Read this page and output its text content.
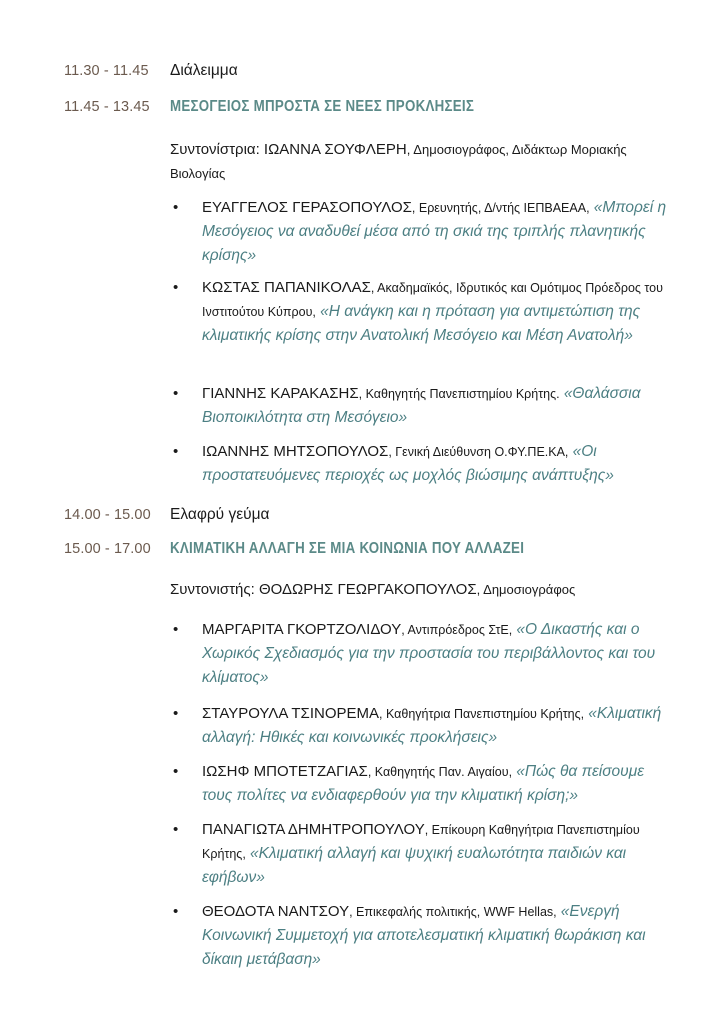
11.30 - 11.45	Διάλειμμα
11.45 - 13.45	ΜΕΣΟΓΕΙΟΣ ΜΠΡΟΣΤΑ ΣΕ ΝΕΕΣ ΠΡΟΚΛΗΣΕΙΣ
Συντονίστρια: ΙΩΑΝΝΑ ΣΟΥΦΛΕΡΗ, Δημοσιογράφος, Διδάκτωρ Μοριακής Βιολογίας
• ΕΥΑΓΓΕΛΟΣ ΓΕΡΑΣΟΠΟΥΛΟΣ, Ερευνητής, Δ/ντής ΙΕΠΒΑΕΑΑ, «Μπορεί η Μεσόγειος να αναδυθεί μέσα από τη σκιά της τριπλής πλανητικής κρίσης»
• ΚΩΣΤΑΣ ΠΑΠΑΝΙΚΟΛΑΣ, Ακαδημαϊκός, Ιδρυτικός και Ομότιμος Πρόεδρος του Ινστιτούτου Κύπρου, «Η ανάγκη και η πρόταση για αντιμετώπιση της κλιματικής κρίσης στην Ανατολική Μεσόγειο και Μέση Ανατολή»
• ΓΙΑΝΝΗΣ ΚΑΡΑΚΑΣΗΣ, Καθηγητής Πανεπιστημίου Κρήτης. «Θαλάσσια Βιοποικιλότητα στη Μεσόγειο»
• ΙΩΑΝΝΗΣ ΜΗΤΣΟΠΟΥΛΟΣ, Γενική Διεύθυνση Ο.ΦΥ.ΠΕ.ΚΑ, «Οι προστατευόμενες περιοχές ως μοχλός βιώσιμης ανάπτυξης»
14.00 - 15.00	Ελαφρύ γεύμα
15.00 - 17.00	ΚΛΙΜΑΤΙΚΗ ΑΛΛΑΓΗ ΣΕ ΜΙΑ ΚΟΙΝΩΝΙΑ ΠΟΥ ΑΛΛΑΖΕΙ
Συντονιστής: ΘΟΔΩΡΗΣ ΓΕΩΡΓΑΚΟΠΟΥΛΟΣ, Δημοσιογράφος
• ΜΑΡΓΑΡΙΤΑ ΓΚΟΡΤΖΟΛΙΔΟΥ, Αντιπρόεδρος ΣτΕ, «Ο Δικαστής και ο Χωρικός Σχεδιασμός για την προστασία του περιβάλλοντος και του κλίματος»
• ΣΤΑΥΡΟΥΛΑ ΤΣΙΝΟΡΕΜΑ, Καθηγήτρια Πανεπιστημίου Κρήτης, «Κλιματική αλλαγή: Ηθικές και κοινωνικές προκλήσεις»
• ΙΩΣΗΦ ΜΠΟΤΕΤΖΑΓΙΑΣ, Καθηγητής Παν. Αιγαίου, «Πώς θα πείσουμε τους πολίτες να ενδιαφερθούν για την κλιματική κρίση;»
• ΠΑΝΑΓΙΩΤΑ ΔΗΜΗΤΡΟΠΟΥΛΟΥ, Επίκουρη Καθηγήτρια Πανεπιστημίου Κρήτης, «Κλιματική αλλαγή και ψυχική ευαλωτότητα παιδιών και εφήβων»
• ΘΕΟΔΟΤΑ ΝΑΝΤΣΟΥ, Επικεφαλής πολιτικής, WWF Hellas, «Ενεργή Κοινωνική Συμμετοχή για αποτελεσματική κλιματική θωράκιση και δίκαιη μετάβαση»
